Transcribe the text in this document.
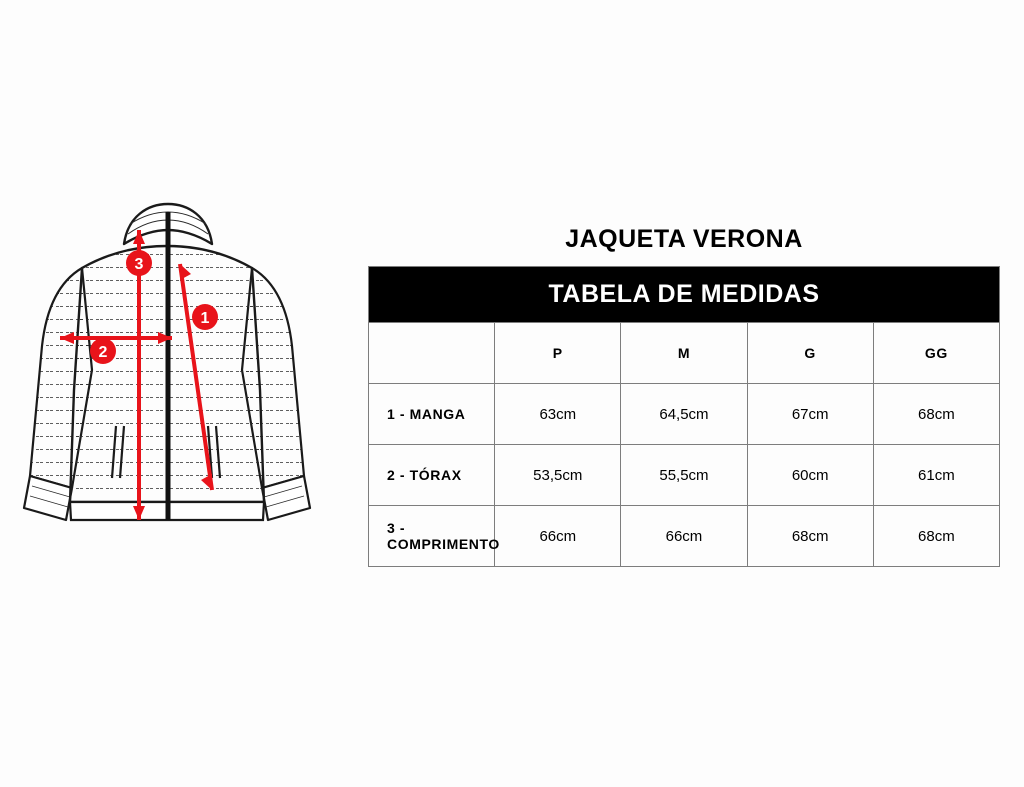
1
2
3
JAQUETA VERONA
TABELA DE MEDIDAS				
	P	M	G	GG
1 - MANGA	63cm	64,5cm	67cm	68cm
2 - TÓRAX	53,5cm	55,5cm	60cm	61cm
3 - COMPRIMENTO	66cm	66cm	68cm	68cm
